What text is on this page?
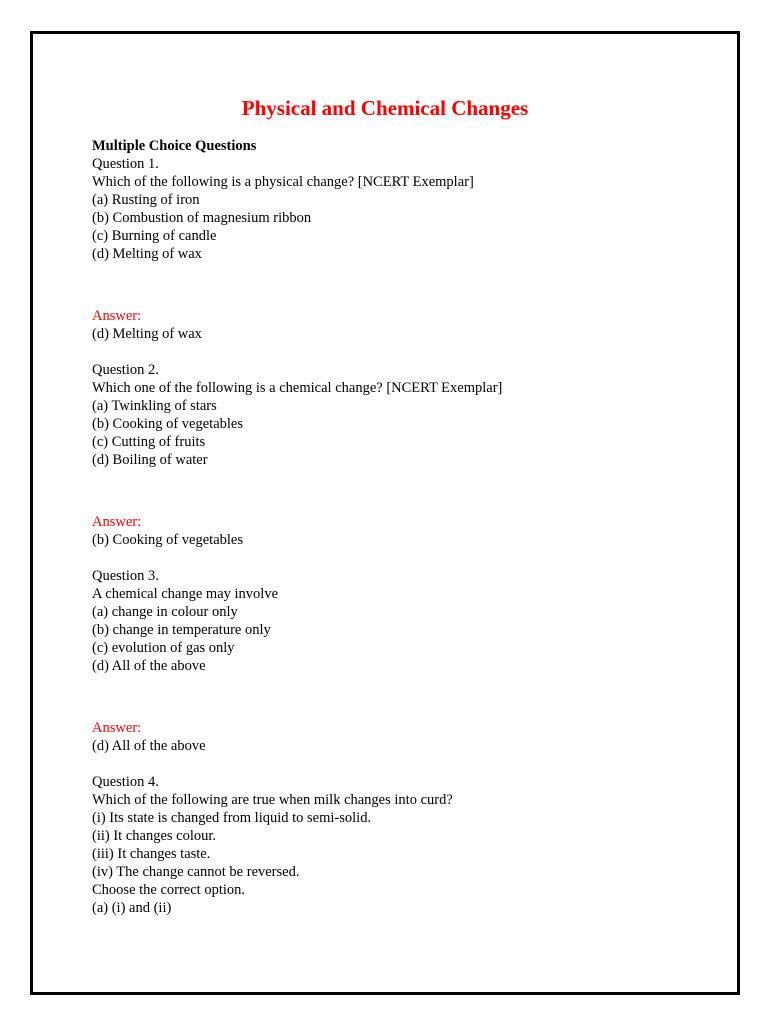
Physical and Chemical Changes
Multiple Choice Questions
Question 1.
Which of the following is a physical change? [NCERT Exemplar]
(a) Rusting of iron
(b) Combustion of magnesium ribbon
(c) Burning of candle
(d) Melting of wax
Answer:
(d) Melting of wax
Question 2.
Which one of the following is a chemical change? [NCERT Exemplar]
(a) Twinkling of stars
(b) Cooking of vegetables
(c) Cutting of fruits
(d) Boiling of water
Answer:
(b) Cooking of vegetables
Question 3.
A chemical change may involve
(a) change in colour only
(b) change in temperature only
(c) evolution of gas only
(d) All of the above
Answer:
(d) All of the above
Question 4.
Which of the following are true when milk changes into curd?
(i) Its state is changed from liquid to semi-solid.
(ii) It changes colour.
(iii) It changes taste.
(iv) The change cannot be reversed.
Choose the correct option.
(a) (i) and (ii)
